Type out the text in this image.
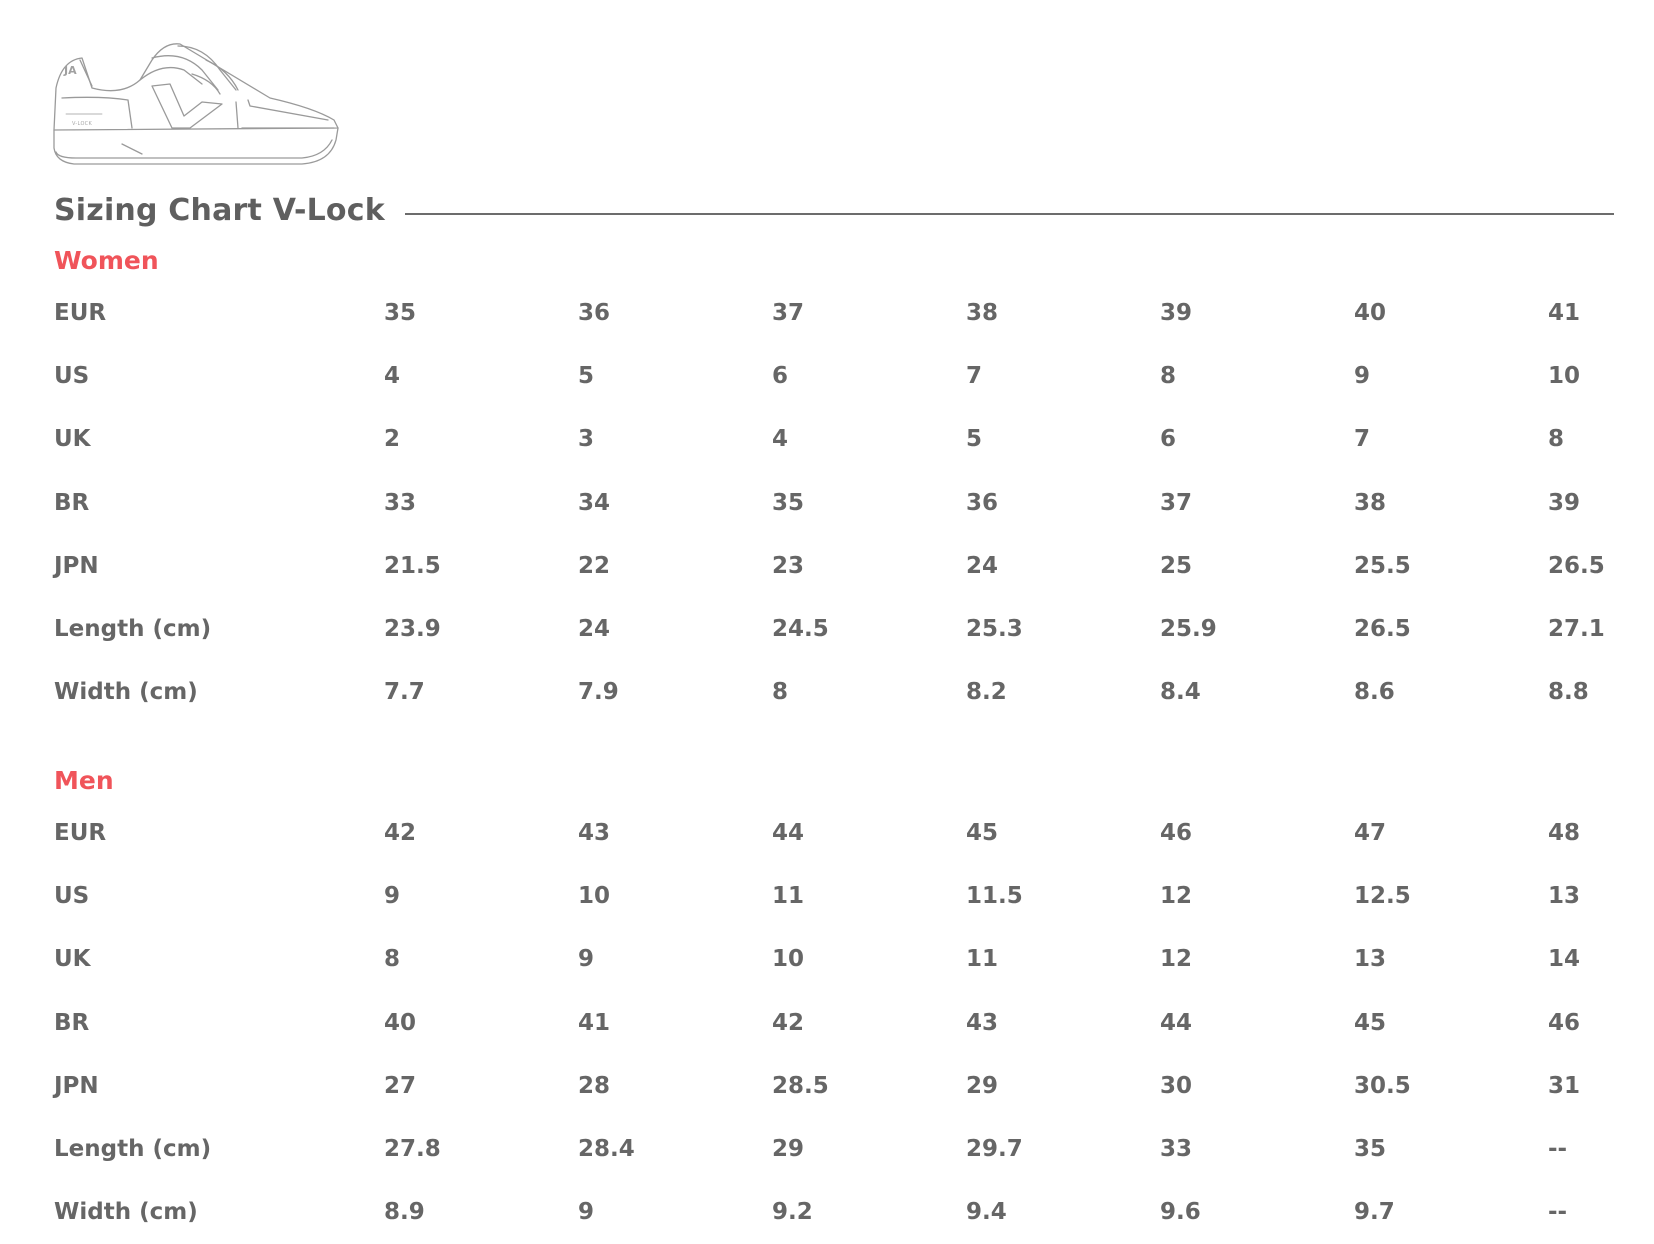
JA
V-LOCK
Sizing Chart V-Lock
Women
EUR	35	36	37	38	39	40	41
US	4	5	6	7	8	9	10
UK	2	3	4	5	6	7	8
BR	33	34	35	36	37	38	39
JPN	21.5	22	23	24	25	25.5	26.5
Length (cm)	23.9	24	24.5	25.3	25.9	26.5	27.1
Width (cm)	7.7	7.9	8	8.2	8.4	8.6	8.8
Men
EUR	42	43	44	45	46	47	48
US	9	10	11	11.5	12	12.5	13
UK	8	9	10	11	12	13	14
BR	40	41	42	43	44	45	46
JPN	27	28	28.5	29	30	30.5	31
Length (cm)	27.8	28.4	29	29.7	33	35	--
Width (cm)	8.9	9	9.2	9.4	9.6	9.7	--
